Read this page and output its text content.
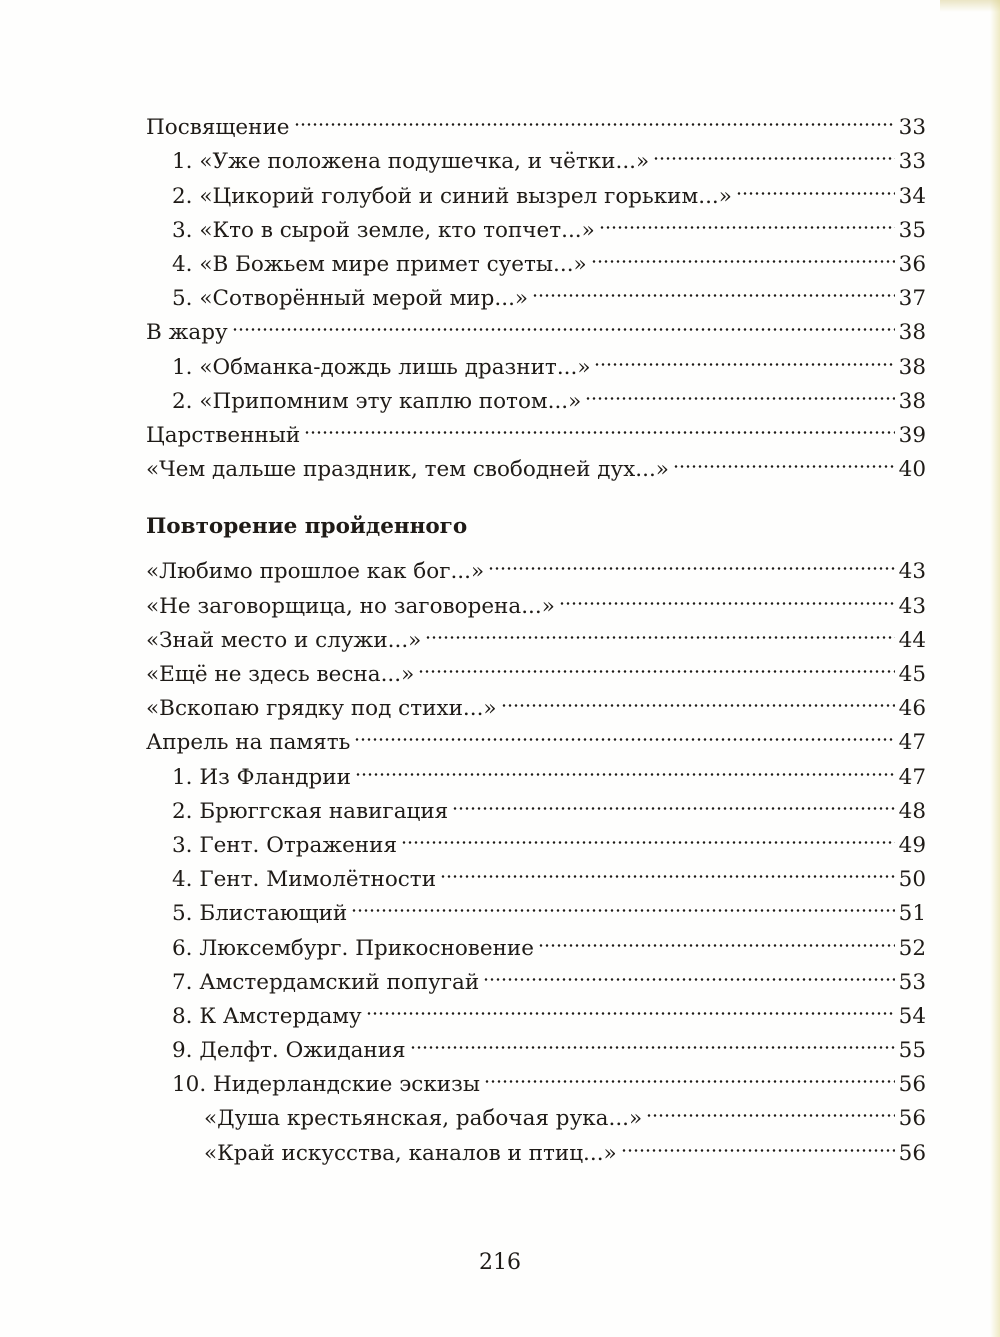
Посвящение	33
1. «Уже положена подушечка, и чётки...»	33
2. «Цикорий голубой и синий вызрел горьким...»	34
3. «Кто в сырой земле, кто топчет...»	35
4. «В Божьем мире примет суеты...»	36
5. «Сотворённый мерой мир...»	37
В жару	38
1. «Обманка-дождь лишь дразнит...»	38
2. «Припомним эту каплю потом...»	38
Царственный	39
«Чем дальше праздник, тем свободней дух...»	40
Повторение пройденного
«Любимо прошлое как бог...»	43
«Не заговорщица, но заговорена...»	43
«Знай место и служи...»	44
«Ещё не здесь весна...»	45
«Вскопаю грядку под стихи...»	46
Апрель на память	47
1. Из Фландрии	47
2. Брюггская навигация	48
3. Гент. Отражения	49
4. Гент. Мимолётности	50
5. Блистающий	51
6. Люксембург. Прикосновение	52
7. Амстердамский попугай	53
8. К Амстердаму	54
9. Делфт. Ожидания	55
10. Нидерландские эскизы	56
«Душа крестьянская, рабочая рука...»	56
«Край искусства, каналов и птиц...»	56
216
